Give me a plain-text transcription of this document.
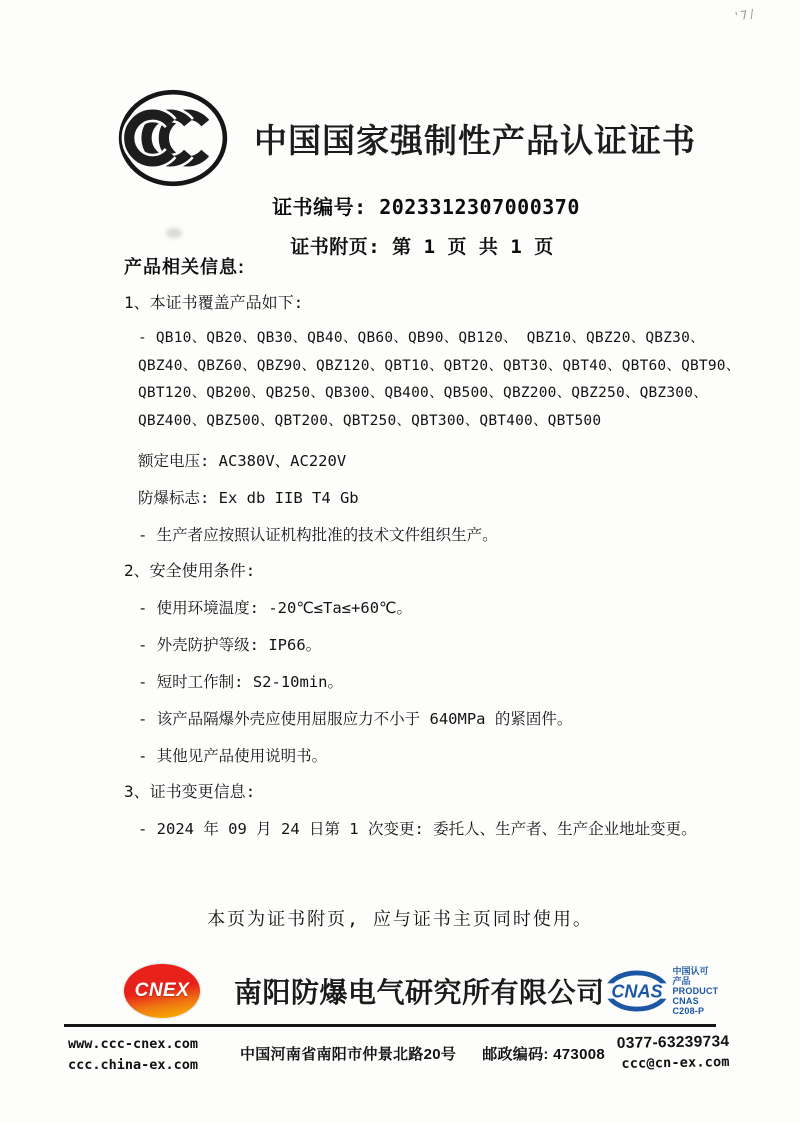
'7/
中国国家强制性产品认证证书
证书编号: 2023312307000370
证书附页: 第 1 页 共 1 页
产品相关信息:
1、本证书覆盖产品如下:
- QB10、QB20、QB30、QB40、QB60、QB90、QB120、 QBZ10、QBZ20、QBZ30、
QBZ40、QBZ60、QBZ90、QBZ120、QBT10、QBT20、QBT30、QBT40、QBT60、QBT90、
QBT120、QB200、QB250、QB300、QB400、QB500、QBZ200、QBZ250、QBZ300、
QBZ400、QBZ500、QBT200、QBT250、QBT300、QBT400、QBT500
额定电压: AC380V、AC220V
防爆标志: Ex db IIB T4 Gb
- 生产者应按照认证机构批准的技术文件组织生产。
2、安全使用条件:
- 使用环境温度: -20℃≤Ta≤+60℃。
- 外壳防护等级: IP66。
- 短时工作制: S2-10min。
- 该产品隔爆外壳应使用屈服应力不小于 640MPa 的紧固件。
- 其他见产品使用说明书。
3、证书变更信息:
- 2024 年 09 月 24 日第 1 次变更: 委托人、生产者、生产企业地址变更。
本页为证书附页, 应与证书主页同时使用。
CNEX 南阳防爆电气研究所有限公司 CNAS
中国认可
产品
PRODUCT
CNAS C208-P
www.ccc-cnex.com
ccc.china-ex.com
中国河南省南阳市仲景北路20号 邮政编码: 473008
0377-63239734
ccc@cn-ex.com
